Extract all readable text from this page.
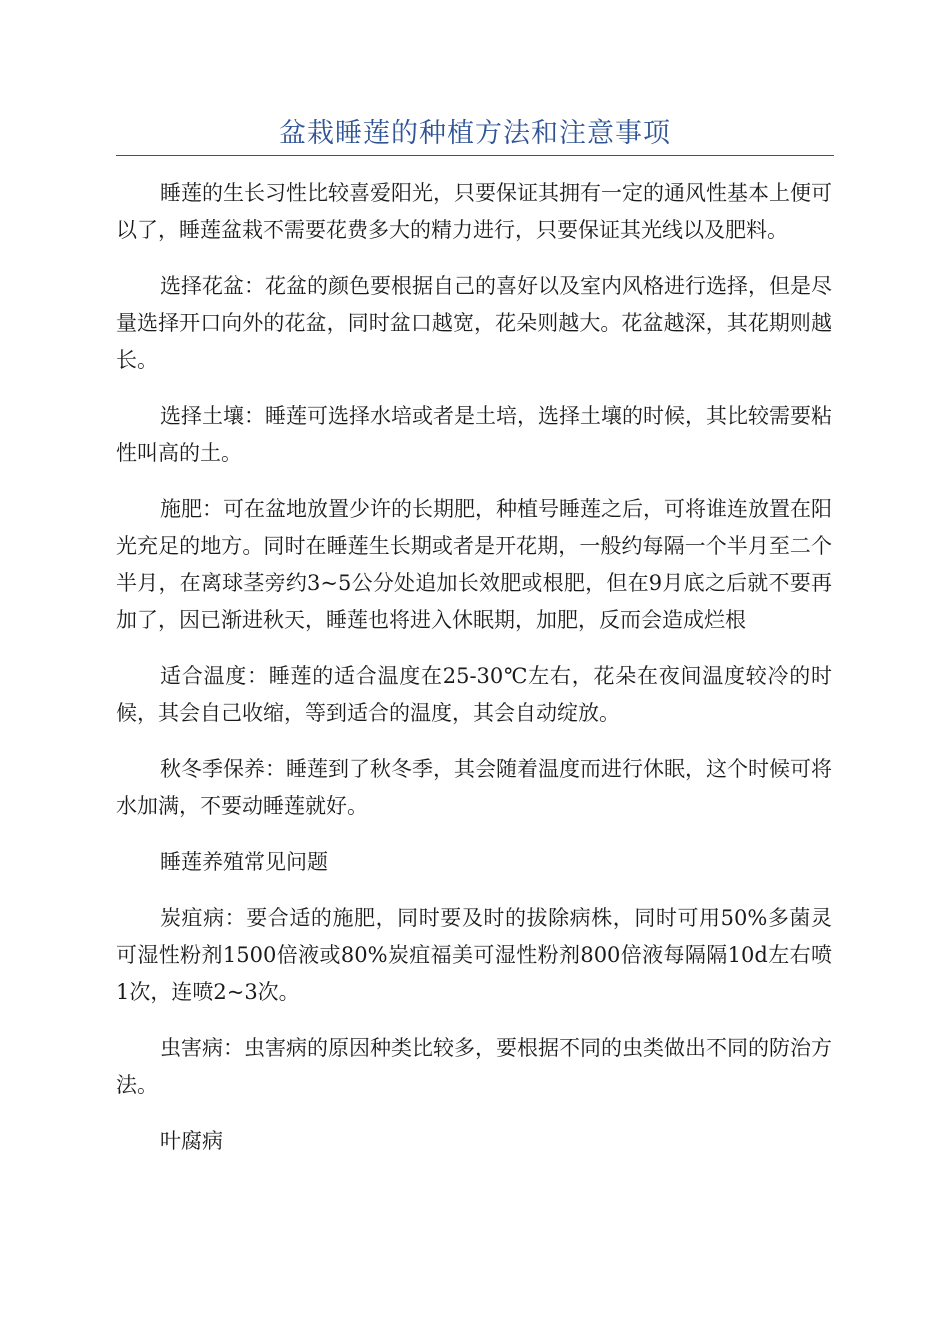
盆栽睡莲的种植方法和注意事项

睡莲的生长习性比较喜爱阳光，只要保证其拥有一定的通风性基本上便可以了，睡莲盆栽不需要花费多大的精力进行，只要保证其光线以及肥料。

选择花盆：花盆的颜色要根据自己的喜好以及室内风格进行选择，但是尽量选择开口向外的花盆，同时盆口越宽，花朵则越大。花盆越深，其花期则越长。

选择土壤：睡莲可选择水培或者是土培，选择土壤的时候，其比较需要粘性叫高的土。

施肥：可在盆地放置少许的长期肥，种植号睡莲之后，可将谁连放置在阳光充足的地方。同时在睡莲生长期或者是开花期，一般约每隔一个半月至二个半月，在离球茎旁约3~5公分处追加长效肥或根肥，但在9月底之后就不要再加了，因已渐进秋天，睡莲也将进入休眠期，加肥，反而会造成烂根

适合温度：睡莲的适合温度在25-30℃左右，花朵在夜间温度较冷的时候，其会自己收缩，等到适合的温度，其会自动绽放。

秋冬季保养：睡莲到了秋冬季，其会随着温度而进行休眠，这个时候可将水加满，不要动睡莲就好。

睡莲养殖常见问题

炭疽病：要合适的施肥，同时要及时的拔除病株，同时可用50%多菌灵可湿性粉剂1500倍液或80%炭疽福美可湿性粉剂800倍液每隔隔10d左右喷1次，连喷2~3次。

虫害病：虫害病的原因种类比较多，要根据不同的虫类做出不同的防治方法。

叶腐病
